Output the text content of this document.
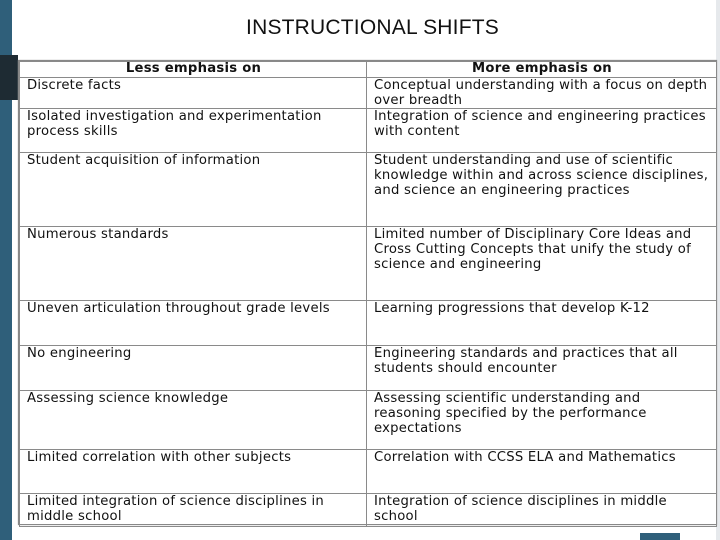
INSTRUCTIONAL SHIFTS
Less emphasis on	More emphasis on
Discrete facts	Conceptual understanding with a focus on depth over breadth
Isolated investigation and experimentation process skills	Integration of science and engineering practices with content
Student acquisition of information	Student understanding and use of scientific knowledge within and across science disciplines, and science an engineering practices
Numerous standards	Limited number of Disciplinary Core Ideas and Cross Cutting Concepts that unify the study of science and engineering
Uneven articulation throughout grade levels	Learning progressions that develop K-12
No engineering	Engineering standards and practices that all students should encounter
Assessing science knowledge	Assessing scientific understanding and reasoning specified by the performance expectations
Limited correlation with other subjects	Correlation with CCSS ELA and Mathematics
Limited integration of science disciplines in middle school	Integration of science disciplines in middle school
